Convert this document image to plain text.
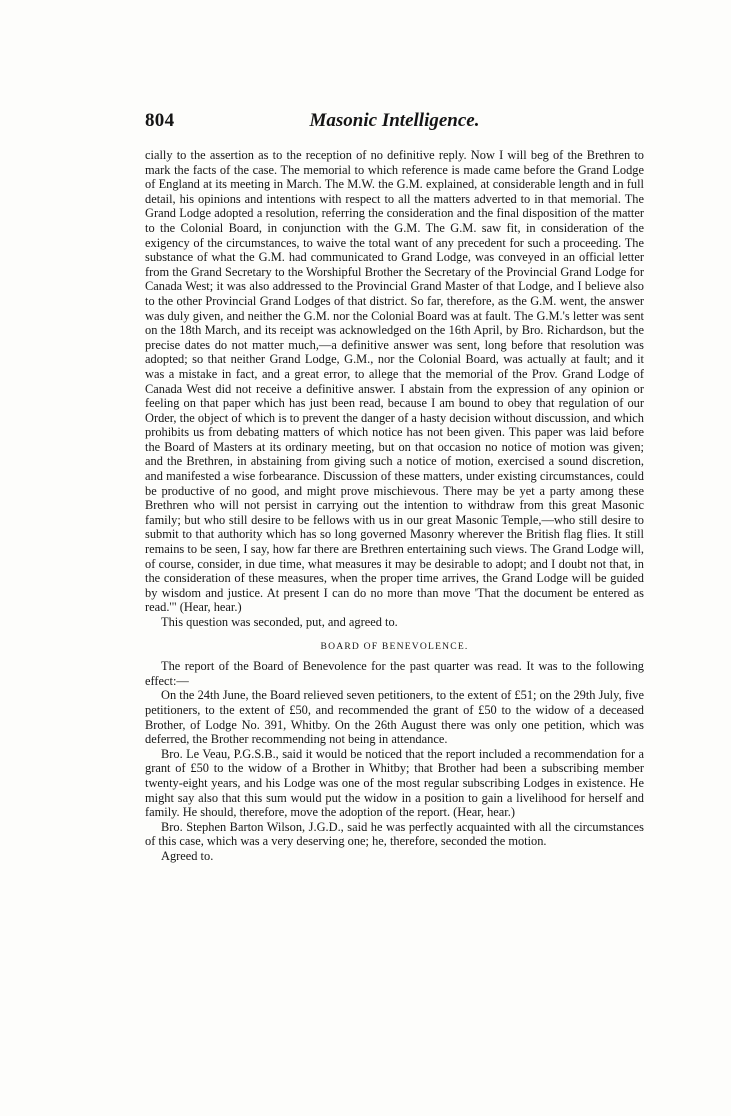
804	Masonic Intelligence.

cially to the assertion as to the reception of no definitive reply. Now I will beg of the Brethren to mark the facts of the case. The memorial to which reference is made came before the Grand Lodge of England at its meeting in March. The M.W. the G.M. explained, at considerable length and in full detail, his opinions and intentions with respect to all the matters adverted to in that memorial. The Grand Lodge adopted a resolution, referring the consideration and the final disposition of the matter to the Colonial Board, in conjunction with the G.M. The G.M. saw fit, in consideration of the exigency of the circumstances, to waive the total want of any precedent for such a proceeding. The substance of what the G.M. had communicated to Grand Lodge, was conveyed in an official letter from the Grand Secretary to the Worshipful Brother the Secretary of the Provincial Grand Lodge for Canada West; it was also addressed to the Provincial Grand Master of that Lodge, and I believe also to the other Provincial Grand Lodges of that district. So far, therefore, as the G.M. went, the answer was duly given, and neither the G.M. nor the Colonial Board was at fault. The G.M.'s letter was sent on the 18th March, and its receipt was acknowledged on the 16th April, by Bro. Richardson, but the precise dates do not matter much,—a definitive answer was sent, long before that resolution was adopted; so that neither Grand Lodge, G.M., nor the Colonial Board, was actually at fault; and it was a mistake in fact, and a great error, to allege that the memorial of the Prov. Grand Lodge of Canada West did not receive a definitive answer. I abstain from the expression of any opinion or feeling on that paper which has just been read, because I am bound to obey that regulation of our Order, the object of which is to prevent the danger of a hasty decision without discussion, and which prohibits us from debating matters of which notice has not been given. This paper was laid before the Board of Masters at its ordinary meeting, but on that occasion no notice of motion was given; and the Brethren, in abstaining from giving such a notice of motion, exercised a sound discretion, and manifested a wise forbearance. Discussion of these matters, under existing circumstances, could be productive of no good, and might prove mischievous. There may be yet a party among these Brethren who will not persist in carrying out the intention to withdraw from this great Masonic family; but who still desire to be fellows with us in our great Masonic Temple,—who still desire to submit to that authority which has so long governed Masonry wherever the British flag flies. It still remains to be seen, I say, how far there are Brethren entertaining such views. The Grand Lodge will, of course, consider, in due time, what measures it may be desirable to adopt; and I doubt not that, in the consideration of these measures, when the proper time arrives, the Grand Lodge will be guided by wisdom and justice. At present I can do no more than move 'That the document be entered as read.'" (Hear, hear.)

This question was seconded, put, and agreed to.

BOARD OF BENEVOLENCE.

The report of the Board of Benevolence for the past quarter was read. It was to the following effect:—

On the 24th June, the Board relieved seven petitioners, to the extent of £51; on the 29th July, five petitioners, to the extent of £50, and recommended the grant of £50 to the widow of a deceased Brother, of Lodge No. 391, Whitby. On the 26th August there was only one petition, which was deferred, the Brother recommending not being in attendance.

Bro. Le Veau, P.G.S.B., said it would be noticed that the report included a recommendation for a grant of £50 to the widow of a Brother in Whitby; that Brother had been a subscribing member twenty-eight years, and his Lodge was one of the most regular subscribing Lodges in existence. He might say also that this sum would put the widow in a position to gain a livelihood for herself and family. He should, therefore, move the adoption of the report. (Hear, hear.)

Bro. Stephen Barton Wilson, J.G.D., said he was perfectly acquainted with all the circumstances of this case, which was a very deserving one; he, therefore, seconded the motion.

Agreed to.
